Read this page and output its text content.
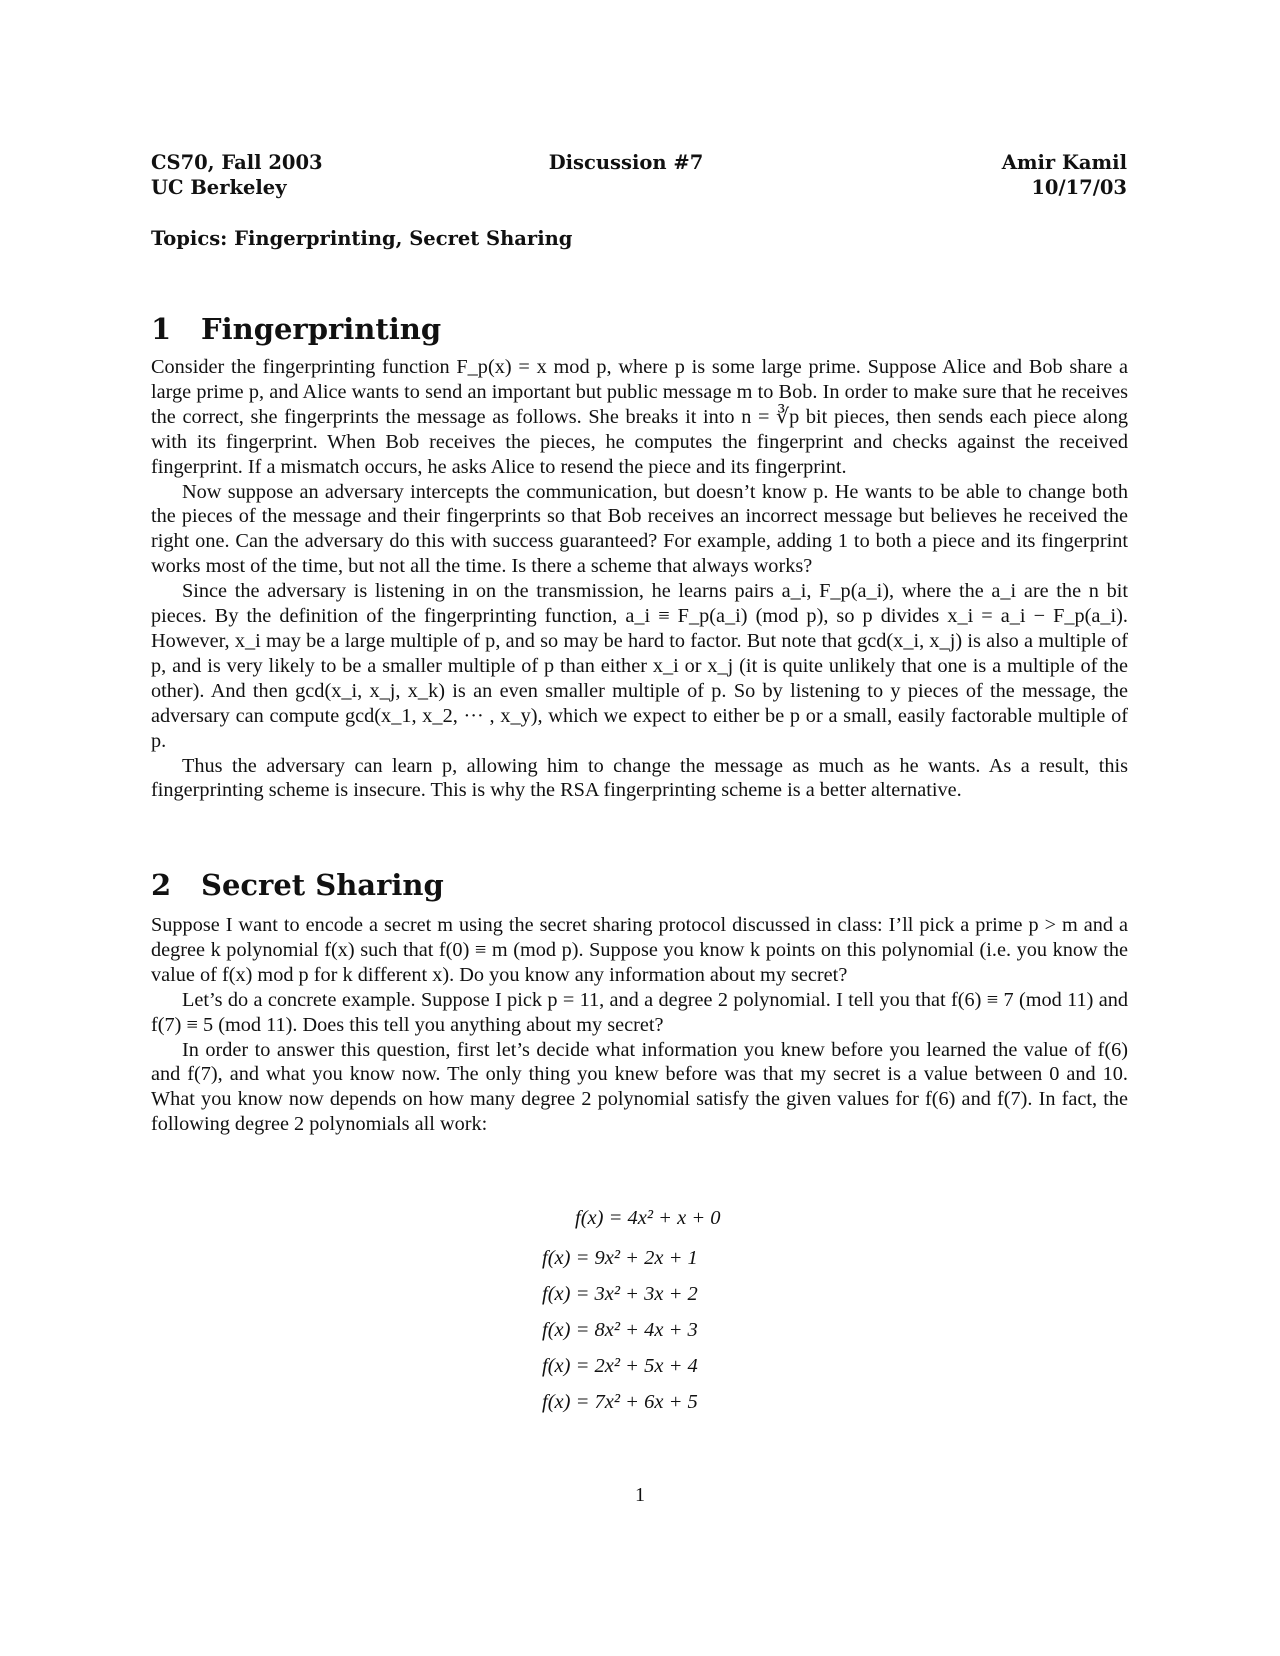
CS70, Fall 2003
UC Berkeley
Discussion #7	Amir Kamil
10/17/03
Topics: Fingerprinting, Secret Sharing
1 Fingerprinting

Consider the fingerprinting function F_p(x) = x mod p, where p is some large prime. Suppose Alice and Bob share a large prime p, and Alice wants to send an important but public message m to Bob. In order to make sure that he receives the correct, she fingerprints the message as follows. She breaks it into n = ∛p bit pieces, then sends each piece along with its fingerprint. When Bob receives the pieces, he computes the fingerprint and checks against the received fingerprint. If a mismatch occurs, he asks Alice to resend the piece and its fingerprint.

Now suppose an adversary intercepts the communication, but doesn’t know p. He wants to be able to change both the pieces of the message and their fingerprints so that Bob receives an incorrect message but believes he received the right one. Can the adversary do this with success guaranteed? For example, adding 1 to both a piece and its fingerprint works most of the time, but not all the time. Is there a scheme that always works?

Since the adversary is listening in on the transmission, he learns pairs a_i, F_p(a_i), where the a_i are the n bit pieces. By the definition of the fingerprinting function, a_i ≡ F_p(a_i) (mod p), so p divides x_i = a_i − F_p(a_i). However, x_i may be a large multiple of p, and so may be hard to factor. But note that gcd(x_i, x_j) is also a multiple of p, and is very likely to be a smaller multiple of p than either x_i or x_j (it is quite unlikely that one is a multiple of the other). And then gcd(x_i, x_j, x_k) is an even smaller multiple of p. So by listening to y pieces of the message, the adversary can compute gcd(x_1, x_2, ··· , x_y), which we expect to either be p or a small, easily factorable multiple of p.

Thus the adversary can learn p, allowing him to change the message as much as he wants. As a result, this fingerprinting scheme is insecure. This is why the RSA fingerprinting scheme is a better alternative.

2 Secret Sharing

Suppose I want to encode a secret m using the secret sharing protocol discussed in class: I’ll pick a prime p > m and a degree k polynomial f(x) such that f(0) ≡ m (mod p). Suppose you know k points on this polynomial (i.e. you know the value of f(x) mod p for k different x). Do you know any information about my secret?

Let’s do a concrete example. Suppose I pick p = 11, and a degree 2 polynomial. I tell you that f(6) ≡ 7 (mod 11) and f(7) ≡ 5 (mod 11). Does this tell you anything about my secret?

In order to answer this question, first let’s decide what information you knew before you learned the value of f(6) and f(7), and what you know now. The only thing you knew before was that my secret is a value between 0 and 10. What you know now depends on how many degree 2 polynomial satisfy the given values for f(6) and f(7). In fact, the following degree 2 polynomials all work:

f(x) = 4x² + x + 0
f(x) = 9x² + 2x + 1
f(x) = 3x² + 3x + 2
f(x) = 8x² + 4x + 3
f(x) = 2x² + 5x + 4
f(x) = 7x² + 6x + 5
1
